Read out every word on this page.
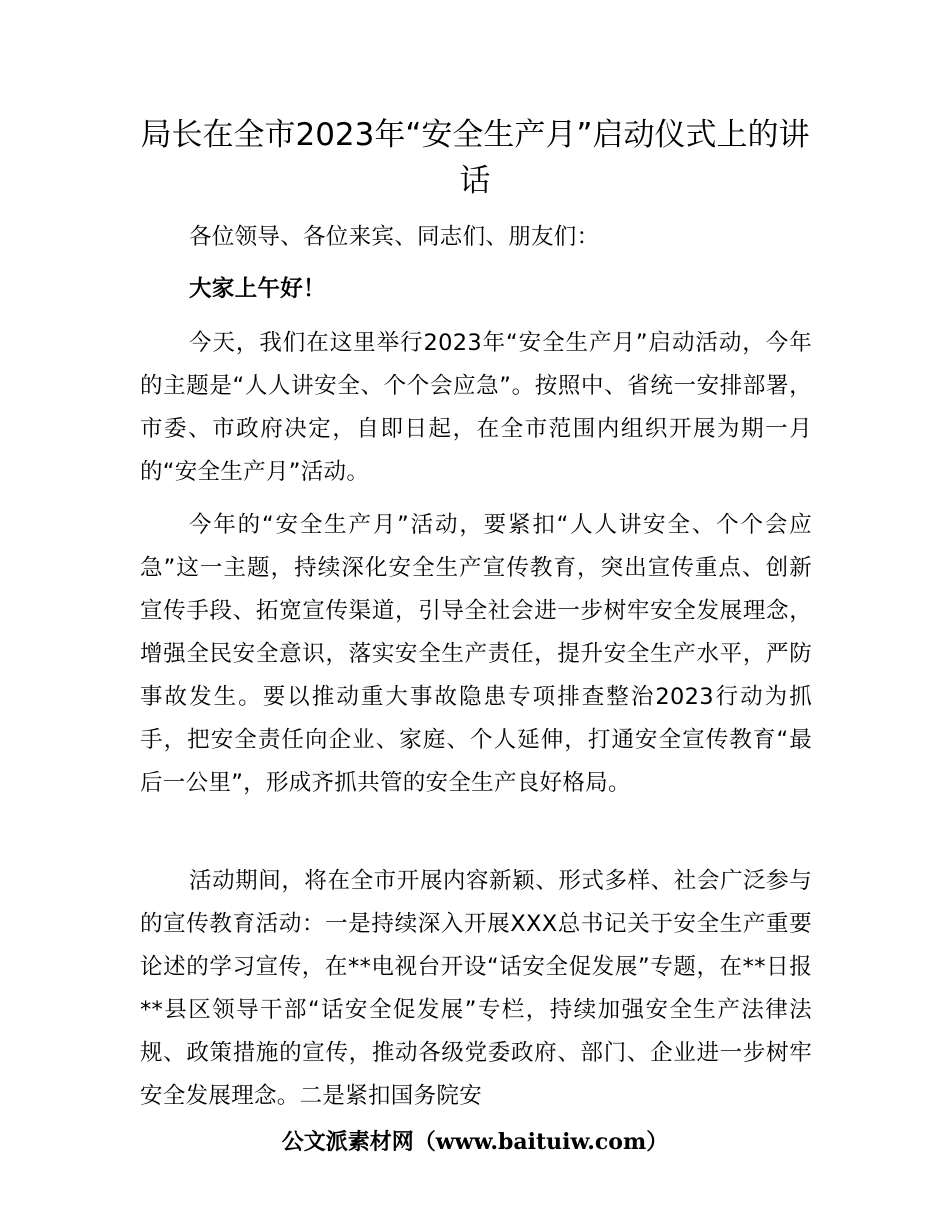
局长在全市2023年“安全生产月”启动仪式上的讲话

各位领导、各位来宾、同志们、朋友们：

大家上午好！

今天，我们在这里举行2023年“安全生产月”启动活动，今年的主题是“人人讲安全、个个会应急”。按照中、省统一安排部署，市委、市政府决定，自即日起，在全市范围内组织开展为期一月的“安全生产月”活动。

今年的“安全生产月”活动，要紧扣“人人讲安全、个个会应急”这一主题，持续深化安全生产宣传教育，突出宣传重点、创新宣传手段、拓宽宣传渠道，引导全社会进一步树牢安全发展理念，增强全民安全意识，落实安全生产责任，提升安全生产水平，严防事故发生。要以推动重大事故隐患专项排查整治2023行动为抓手，把安全责任向企业、家庭、个人延伸，打通安全宣传教育“最后一公里”，形成齐抓共管的安全生产良好格局。

活动期间，将在全市开展内容新颖、形式多样、社会广泛参与的宣传教育活动：一是持续深入开展XXX总书记关于安全生产重要论述的学习宣传，在**电视台开设“话安全促发展”专题，在**日报**县区领导干部“话安全促发展”专栏，持续加强安全生产法律法规、政策措施的宣传，推动各级党委政府、部门、企业进一步树牢安全发展理念。二是紧扣国务院安

公文派素材网（www.baituiw.com）
